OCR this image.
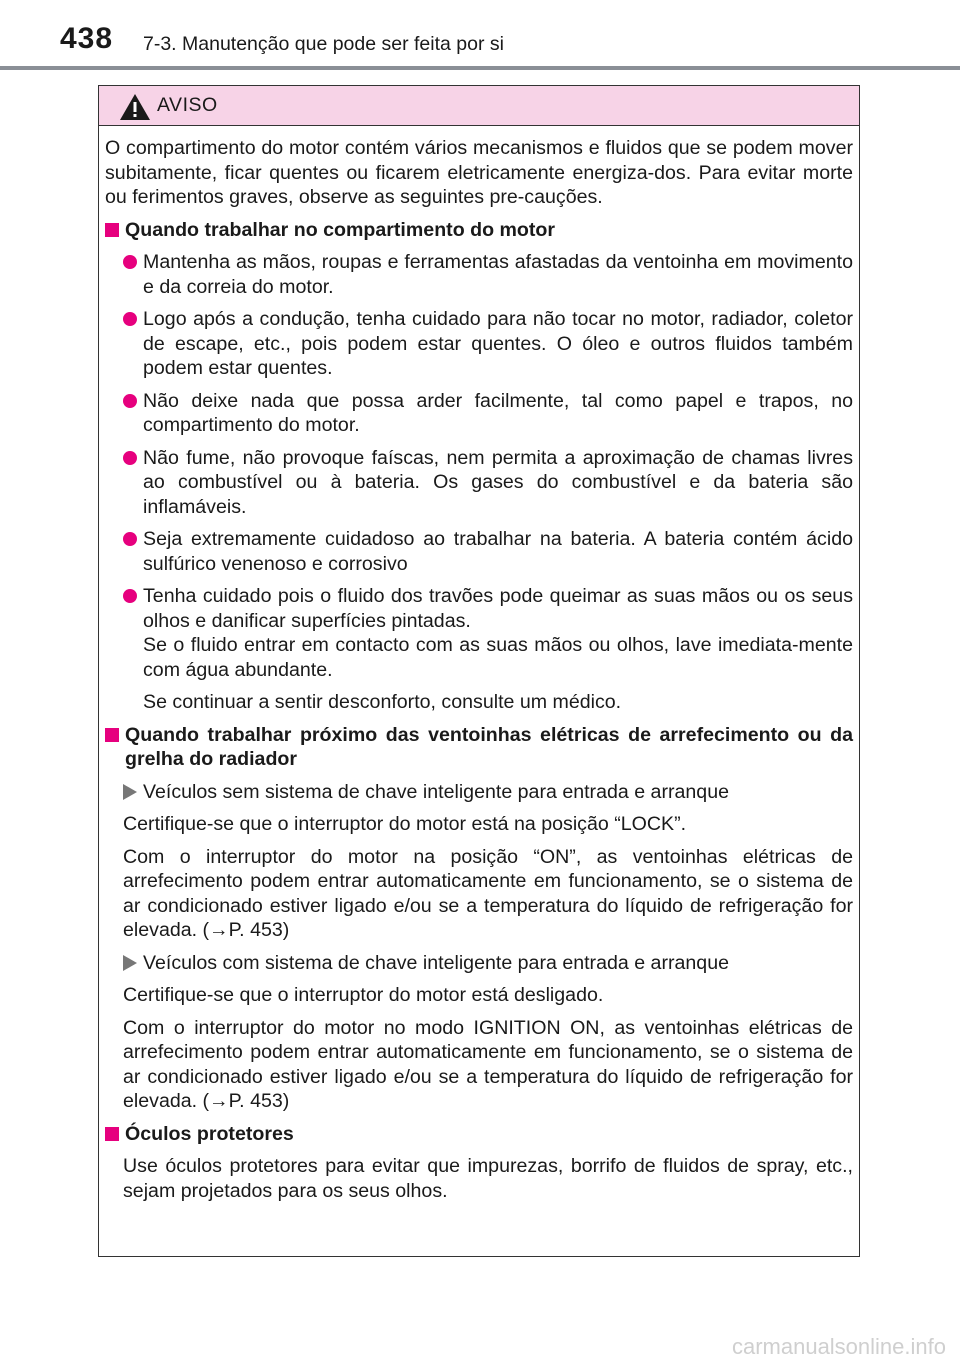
438 7-3. Manutenção que pode ser feita por si
AVISO

O compartimento do motor contém vários mecanismos e fluidos que se podem mover subitamente, ficar quentes ou ficarem eletricamente energiza-dos. Para evitar morte ou ferimentos graves, observe as seguintes pre-cauções.

Quando trabalhar no compartimento do motor
Mantenha as mãos, roupas e ferramentas afastadas da ventoinha em movimento e da correia do motor.
Logo após a condução, tenha cuidado para não tocar no motor, radiador, coletor de escape, etc., pois podem estar quentes. O óleo e outros fluidos também podem estar quentes.
Não deixe nada que possa arder facilmente, tal como papel e trapos, no compartimento do motor.
Não fume, não provoque faíscas, nem permita a aproximação de chamas livres ao combustível ou à bateria. Os gases do combustível e da bateria são inflamáveis.
Seja extremamente cuidadoso ao trabalhar na bateria. A bateria contém ácido sulfúrico venenoso e corrosivo
Tenha cuidado pois o fluido dos travões pode queimar as suas mãos ou os seus olhos e danificar superfícies pintadas.
Se o fluido entrar em contacto com as suas mãos ou olhos, lave imediata-mente com água abundante.
Se continuar a sentir desconforto, consulte um médico.
Quando trabalhar próximo das ventoinhas elétricas de arrefecimento ou da grelha do radiador
Veículos sem sistema de chave inteligente para entrada e arranque
Certifique-se que o interruptor do motor está na posição “LOCK”.
Com o interruptor do motor na posição “ON”, as ventoinhas elétricas de arrefecimento podem entrar automaticamente em funcionamento, se o sistema de ar condicionado estiver ligado e/ou se a temperatura do líquido de refrigeração for elevada. (→P. 453)
Veículos com sistema de chave inteligente para entrada e arranque
Certifique-se que o interruptor do motor está desligado.
Com o interruptor do motor no modo IGNITION ON, as ventoinhas elétricas de arrefecimento podem entrar automaticamente em funcionamento, se o sistema de ar condicionado estiver ligado e/ou se a temperatura do líquido de refrigeração for elevada. (→P. 453)
Óculos protetores
Use óculos protetores para evitar que impurezas, borrifo de fluidos de spray, etc., sejam projetados para os seus olhos.
carmanualsonline.info
